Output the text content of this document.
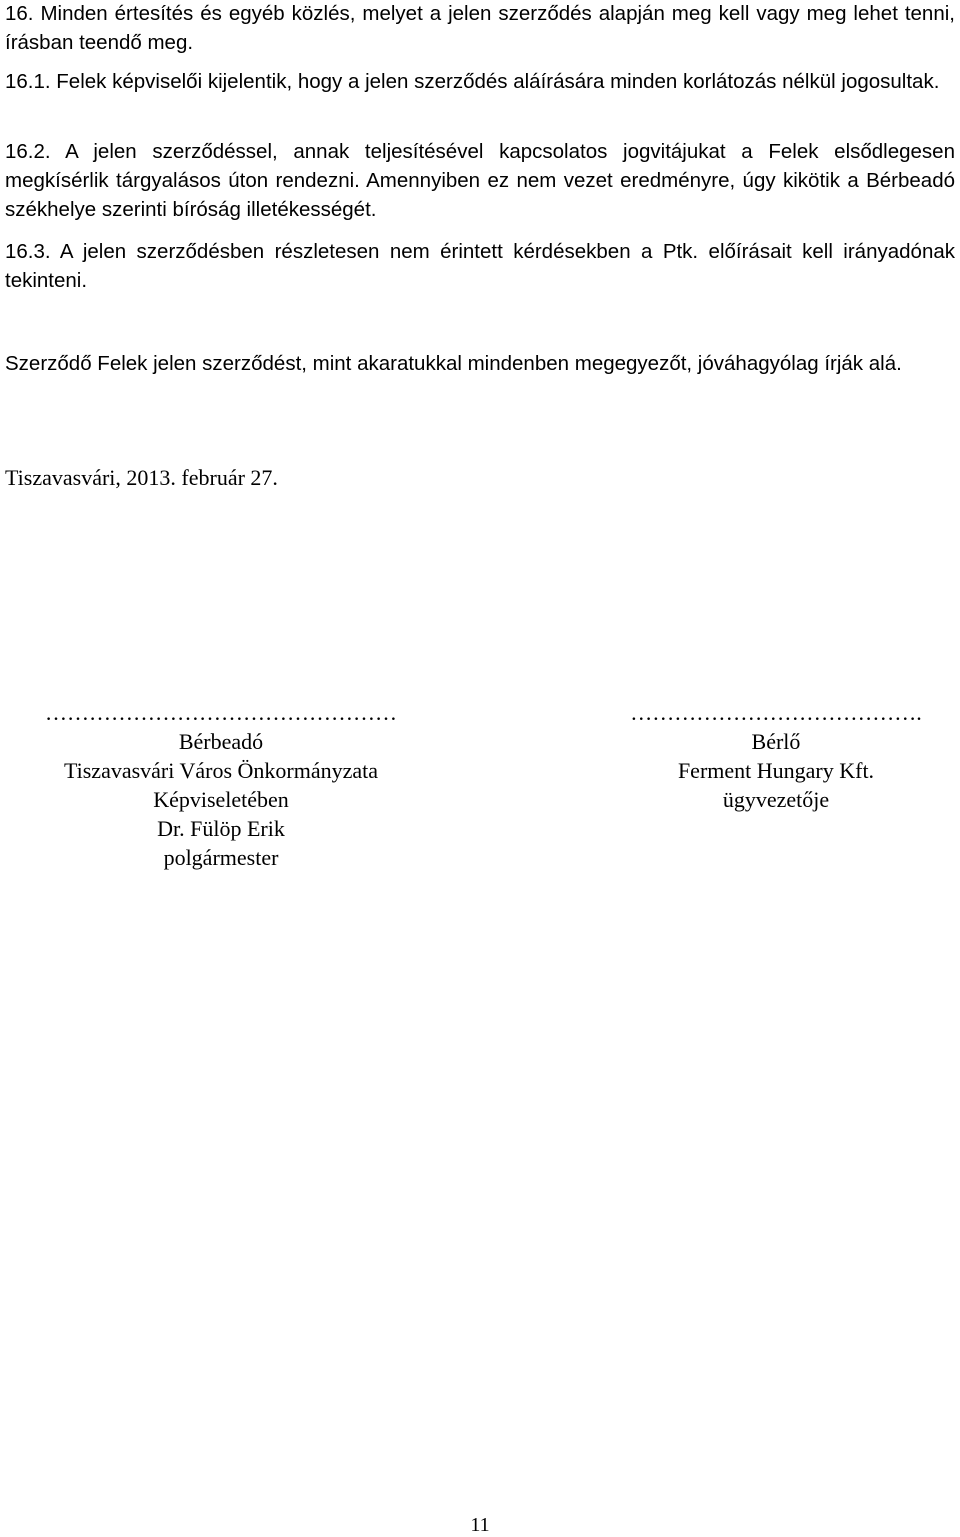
16. Minden értesítés és egyéb közlés, melyet a jelen szerződés alapján meg kell vagy meg lehet tenni, írásban teendő meg.

16.1. Felek képviselői kijelentik, hogy a jelen szerződés aláírására minden korlátozás nélkül jogosultak.

16.2. A jelen szerződéssel, annak teljesítésével kapcsolatos jogvitájukat a Felek elsődlegesen megkísérlik tárgyalásos úton rendezni. Amennyiben ez nem vezet eredményre, úgy kikötik a Bérbeadó székhelye szerinti bíróság illetékességét.

16.3. A jelen szerződésben részletesen nem érintett kérdésekben a Ptk. előírásait kell irányadónak tekinteni.

Szerződő Felek jelen szerződést, mint akaratukkal mindenben megegyezőt, jóváhagyólag írják alá.

Tiszavasvári, 2013. február 27.

…………………………………………
Bérbeadó
Tiszavasvári Város Önkormányzata
Képviseletében
Dr. Fülöp Erik
polgármester
………………………………….
Bérlő
Ferment Hungary Kft.
ügyvezetője
11
